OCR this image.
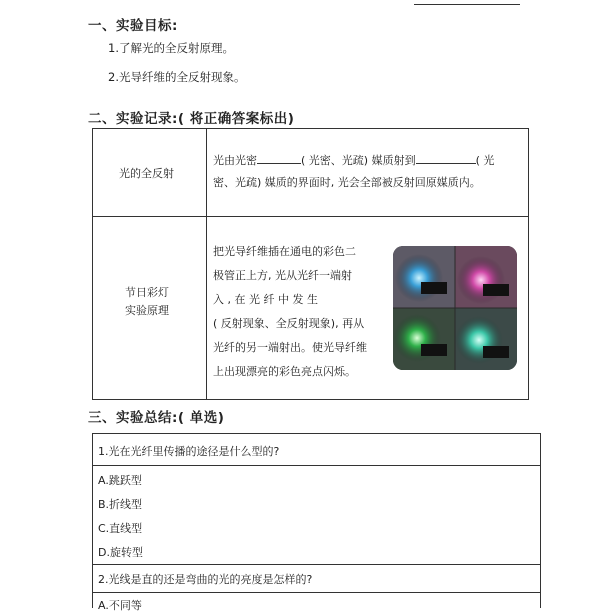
一、实验目标:
1.了解光的全反射原理。
2.光导纤维的全反射现象。
二、实验记录:( 将正确答案标出)
光的全反射
光由光密	( 光密、光疏) 媒质射到	( 光
密、光疏) 媒质的界面时, 光会全部被反射回原媒质内。
节日彩灯
实验原理
把光导纤维插在通电的彩色二
极管正上方, 光从光纤一端射
入 , 在 光 纤 中 发 生
( 反射现象、全反射现象), 再从
光纤的另一端射出。使光导纤维
上出现漂亮的彩色亮点闪烁。
三、实验总结:( 单选)
1.光在光纤里传播的途径是什么型的?
A.跳跃型
B.折线型
C.直线型
D.旋转型
2.光线是直的还是弯曲的光的亮度是怎样的?
A.不同等
